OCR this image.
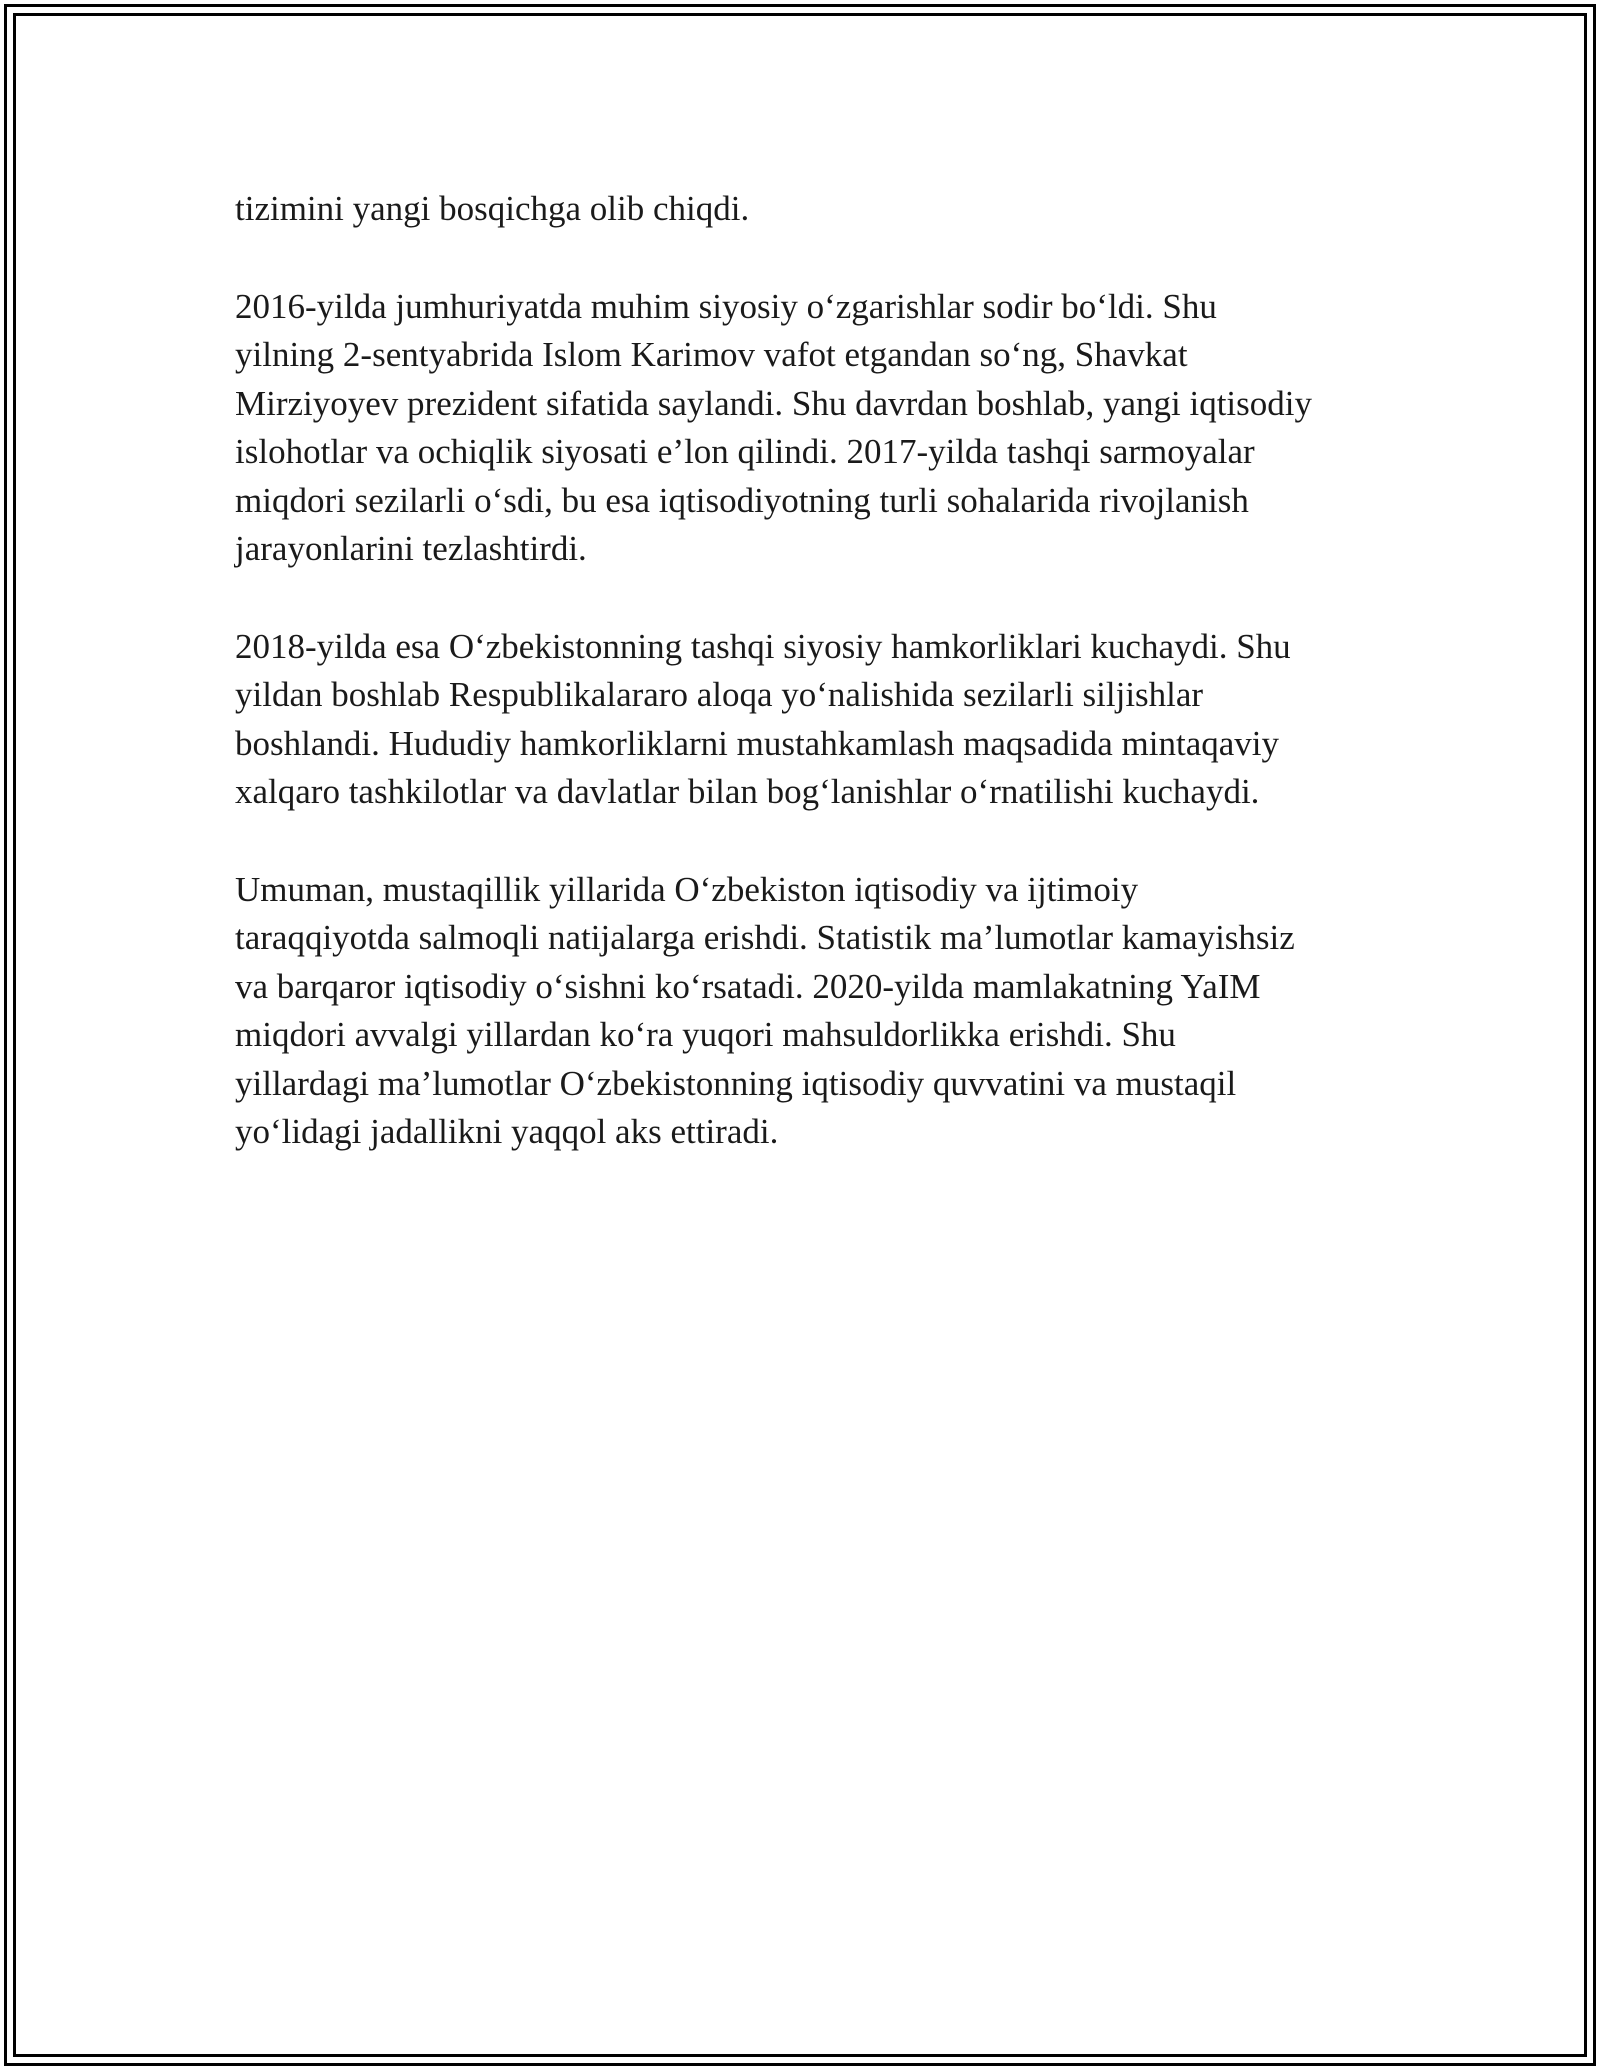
tizimini yangi bosqichga olib chiqdi.

2016-yilda jumhuriyatda muhim siyosiy o‘zgarishlar sodir bo‘ldi. Shu
yilning 2-sentyabrida Islom Karimov vafot etgandan so‘ng, Shavkat
Mirziyoyev prezident sifatida saylandi. Shu davrdan boshlab, yangi iqtisodiy
islohotlar va ochiqlik siyosati e’lon qilindi. 2017-yilda tashqi sarmoyalar
miqdori sezilarli o‘sdi, bu esa iqtisodiyotning turli sohalarida rivojlanish
jarayonlarini tezlashtirdi.

2018-yilda esa O‘zbekistonning tashqi siyosiy hamkorliklari kuchaydi. Shu
yildan boshlab Respublikalararo aloqa yo‘nalishida sezilarli siljishlar
boshlandi. Hududiy hamkorliklarni mustahkamlash maqsadida mintaqaviy
xalqaro tashkilotlar va davlatlar bilan bog‘lanishlar o‘rnatilishi kuchaydi.

Umuman, mustaqillik yillarida O‘zbekiston iqtisodiy va ijtimoiy
taraqqiyotda salmoqli natijalarga erishdi. Statistik ma’lumotlar kamayishsiz
va barqaror iqtisodiy o‘sishni ko‘rsatadi. 2020-yilda mamlakatning YaIM
miqdori avvalgi yillardan ko‘ra yuqori mahsuldorlikka erishdi. Shu
yillardagi ma’lumotlar O‘zbekistonning iqtisodiy quvvatini va mustaqil
yo‘lidagi jadallikni yaqqol aks ettiradi.
